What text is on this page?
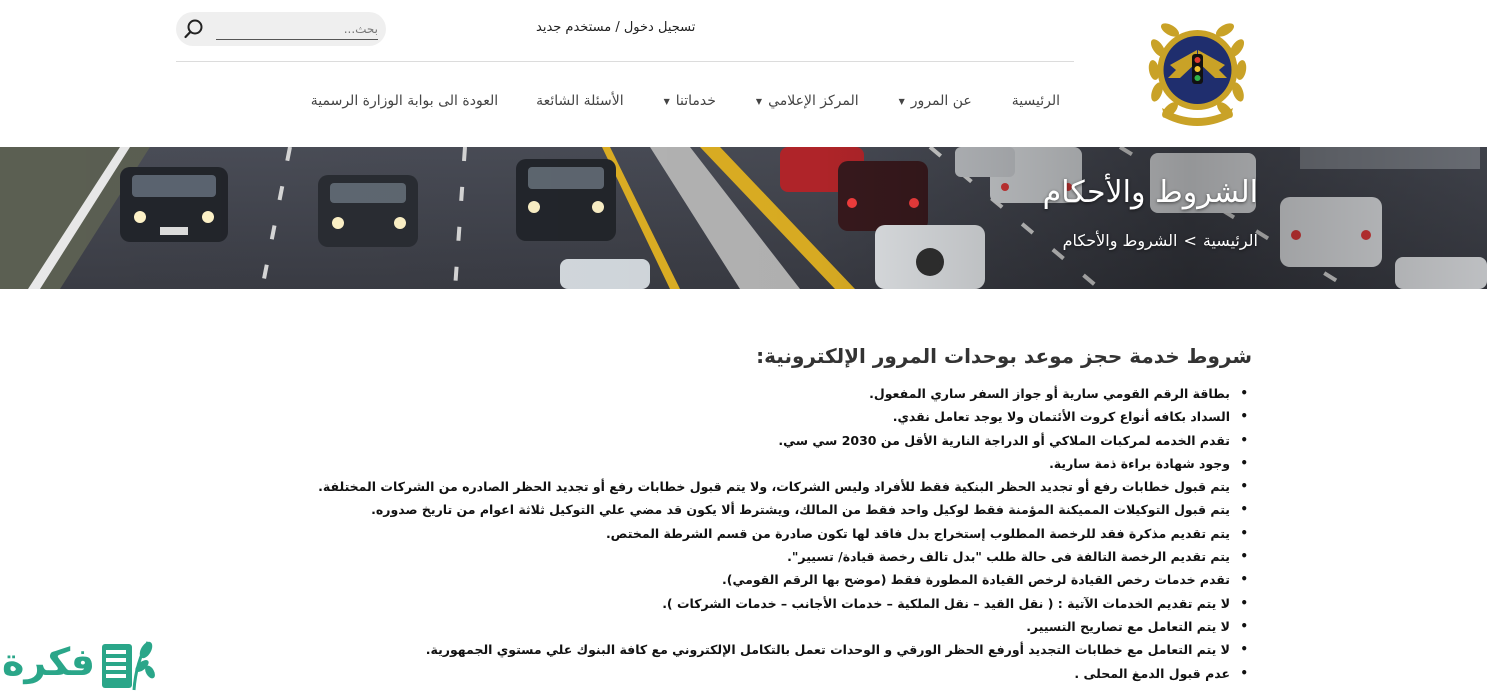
بحث...
تسجيل دخول / مستخدم جديد
الرئيسية
عن المرور
▼
المركز الإعلامي
▼
خدماتنا
▼
الأسئلة الشائعة
العودة الى بوابة الوزارة الرسمية
الشروط والأحكام
الرئيسية>الشروط والأحكام
شروط خدمة حجز موعد بوحدات المرور الإلكترونية:
• بطاقة الرقم القومي سارية أو جواز السفر ساري المفعول.
• السداد بكافه أنواع كروت الأئتمان ولا يوجد تعامل نقدي.
• تقدم الخدمه لمركبات الملاكي أو الدراجة النارية الأقل من 2030 سي سي.
• وجود شهادة براءة ذمة سارية.
• يتم قبول خطابات رفع أو تجديد الحظر البنكية فقط للأفراد وليس الشركات، ولا يتم قبول خطابات رفع أو تجديد الحظر الصادره من الشركات المختلفة.
• يتم قبول التوكيلات المميكنة المؤمنة فقط لوكيل واحد فقط من المالك، ويشترط ألا يكون قد مضي علي التوكيل ثلاثة اعوام من تاريخ صدوره.
• يتم تقديم مذكرة فقد للرخصة المطلوب إستخراج بدل فاقد لها تكون صادرة من قسم الشرطة المختص.
• يتم تقديم الرخصة التالفة فى حالة طلب "بدل تالف رخصة قيادة/ تسيير".
• تقدم خدمات رخص القيادة لرخص القيادة المطورة فقط (موضح بها الرقم القومي).
• لا يتم تقديم الخدمات الآتية : ( نقل القيد – نقل الملكية – خدمات الأجانب – خدمات الشركات ).
• لا يتم التعامل مع تصاريح التسيير.
• لا يتم التعامل مع خطابات التجديد أورفع الحظر الورقي و الوحدات تعمل بالتكامل الإلكتروني مع كافة البنوك علي مستوي الجمهورية.
• عدم قبول الدمغ المحلى .
فكرة
